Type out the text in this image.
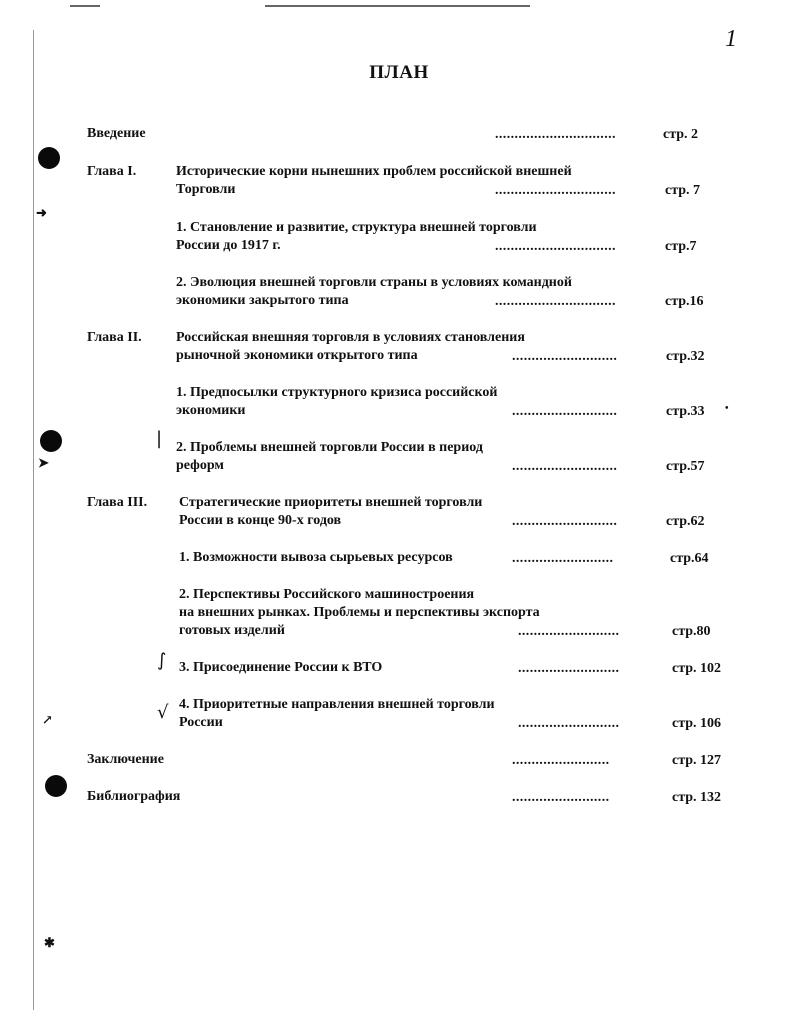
➜
➤
↗
✱
•
|
∫
√
1
ПЛАН
Введение	...............................	стр. 2
Глава I.	Исторические корни нынешних проблем российской внешней
Торговли	...............................	стр. 7
1. Становление и развитие, структура внешней торговли
России до 1917 г.	...............................	стр.7
2. Эволюция внешней торговли страны в условиях командной
экономики закрытого типа	...............................	стр.16
Глава II. Российская внешняя торговля в условиях становления
рыночной экономики открытого типа	...........................	стр.32
1. Предпосылки структурного кризиса российской
экономики	...........................	стр.33
2. Проблемы внешней торговли России в период
реформ	...........................	стр.57
Глава III. Стратегические приоритеты внешней торговли
России в конце 90-х годов	...........................	стр.62
1. Возможности вывоза сырьевых ресурсов	..........................	стр.64
2. Перспективы Российского машиностроения
на внешних рынках. Проблемы и перспективы экспорта
готовых изделий	..........................	стр.80
3. Присоединение России к ВТО	..........................	стр. 102
4. Приоритетные направления внешней торговли
России	..........................	стр. 106
Заключение	.........................	стр. 127
Библиография	.........................	стр. 132
